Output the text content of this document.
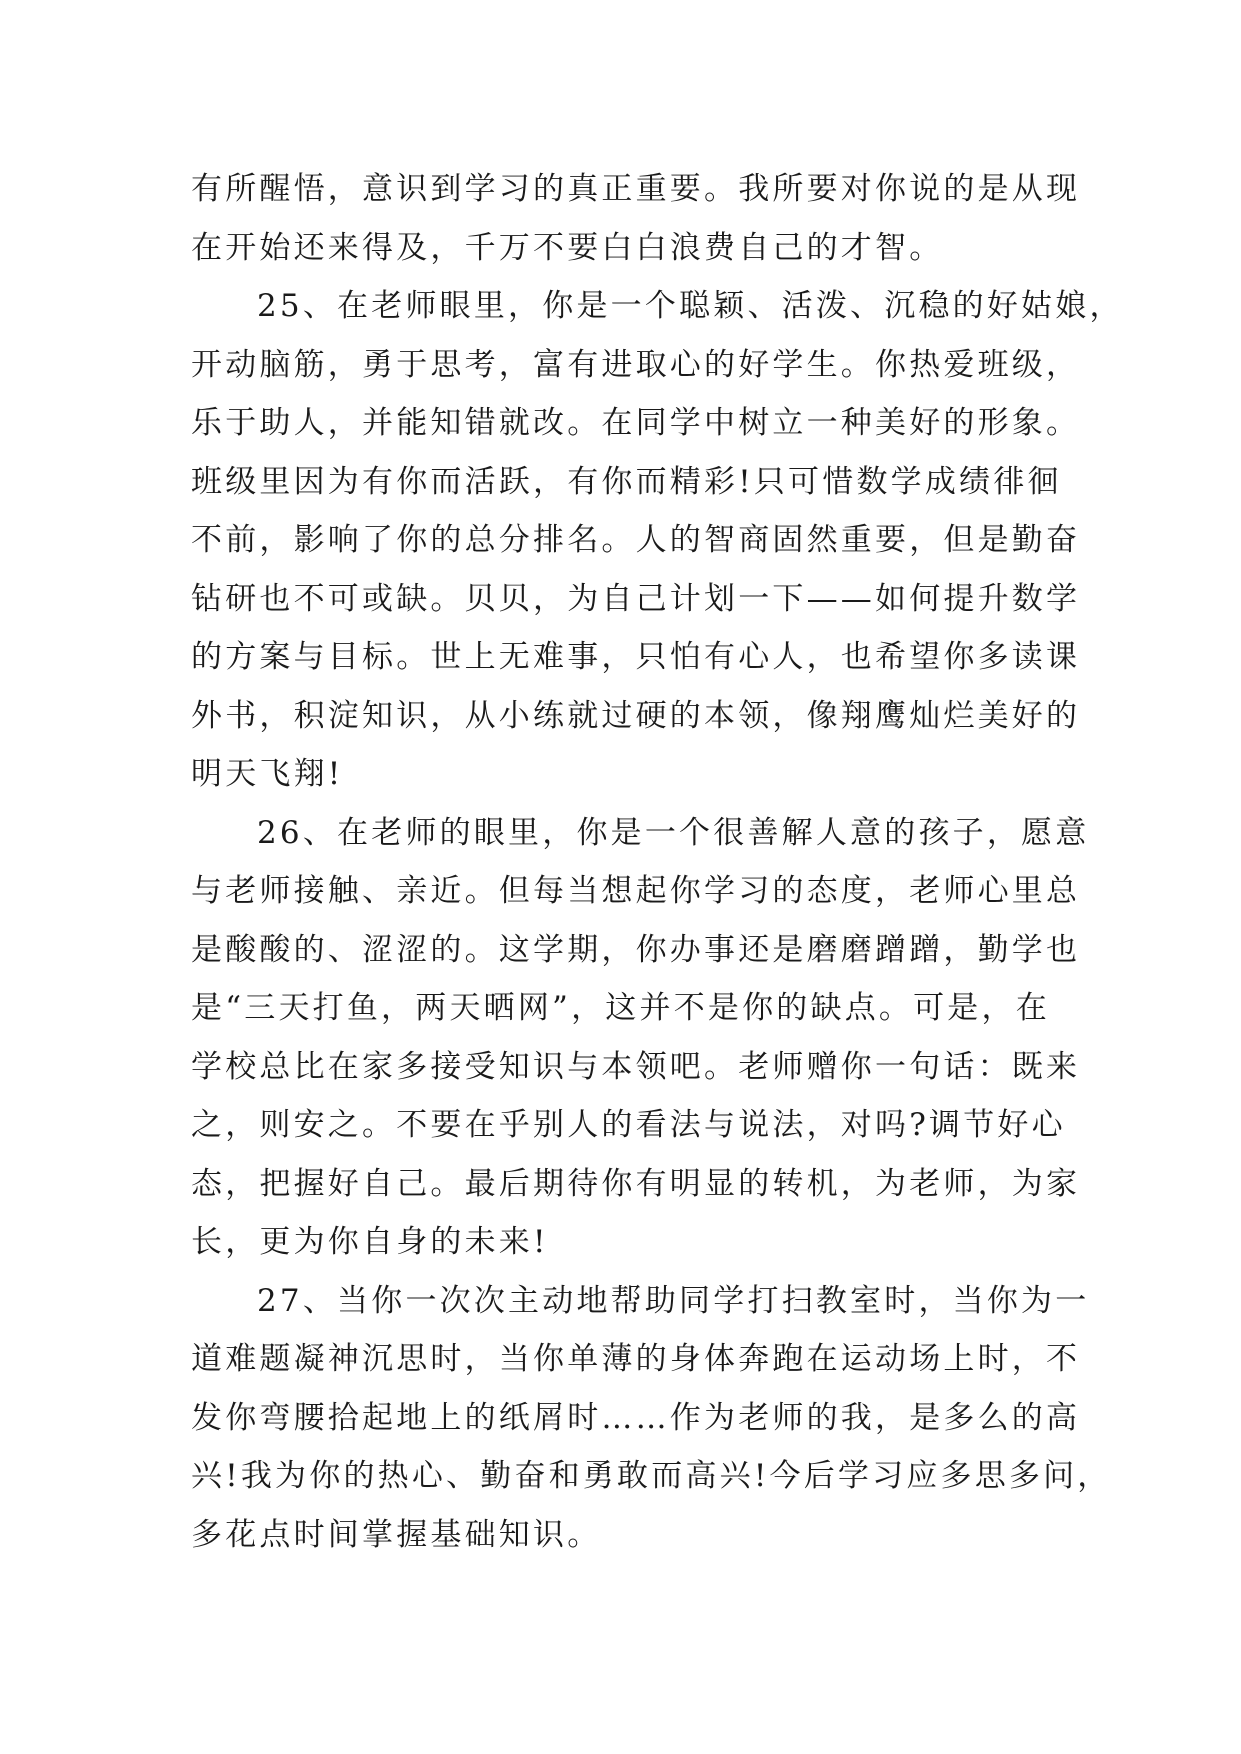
有所醒悟，意识到学习的真正重要。我所要对你说的是从现
在开始还来得及，千万不要白白浪费自己的才智。
25、在老师眼里，你是一个聪颖、活泼、沉稳的好姑娘，
开动脑筋，勇于思考，富有进取心的好学生。你热爱班级，
乐于助人，并能知错就改。在同学中树立一种美好的形象。
班级里因为有你而活跃，有你而精彩!只可惜数学成绩徘徊
不前，影响了你的总分排名。人的智商固然重要，但是勤奋
钻研也不可或缺。贝贝，为自己计划一下——如何提升数学
的方案与目标。世上无难事，只怕有心人，也希望你多读课
外书，积淀知识，从小练就过硬的本领，像翔鹰灿烂美好的
明天飞翔!
26、在老师的眼里，你是一个很善解人意的孩子，愿意
与老师接触、亲近。但每当想起你学习的态度，老师心里总
是酸酸的、涩涩的。这学期，你办事还是磨磨蹭蹭，勤学也
是“三天打鱼，两天晒网”，这并不是你的缺点。可是，在
学校总比在家多接受知识与本领吧。老师赠你一句话：既来
之，则安之。不要在乎别人的看法与说法，对吗?调节好心
态，把握好自己。最后期待你有明显的转机，为老师，为家
长，更为你自身的未来!
27、当你一次次主动地帮助同学打扫教室时，当你为一
道难题凝神沉思时，当你单薄的身体奔跑在运动场上时，不
发你弯腰拾起地上的纸屑时……作为老师的我，是多么的高
兴!我为你的热心、勤奋和勇敢而高兴!今后学习应多思多问，
多花点时间掌握基础知识。
